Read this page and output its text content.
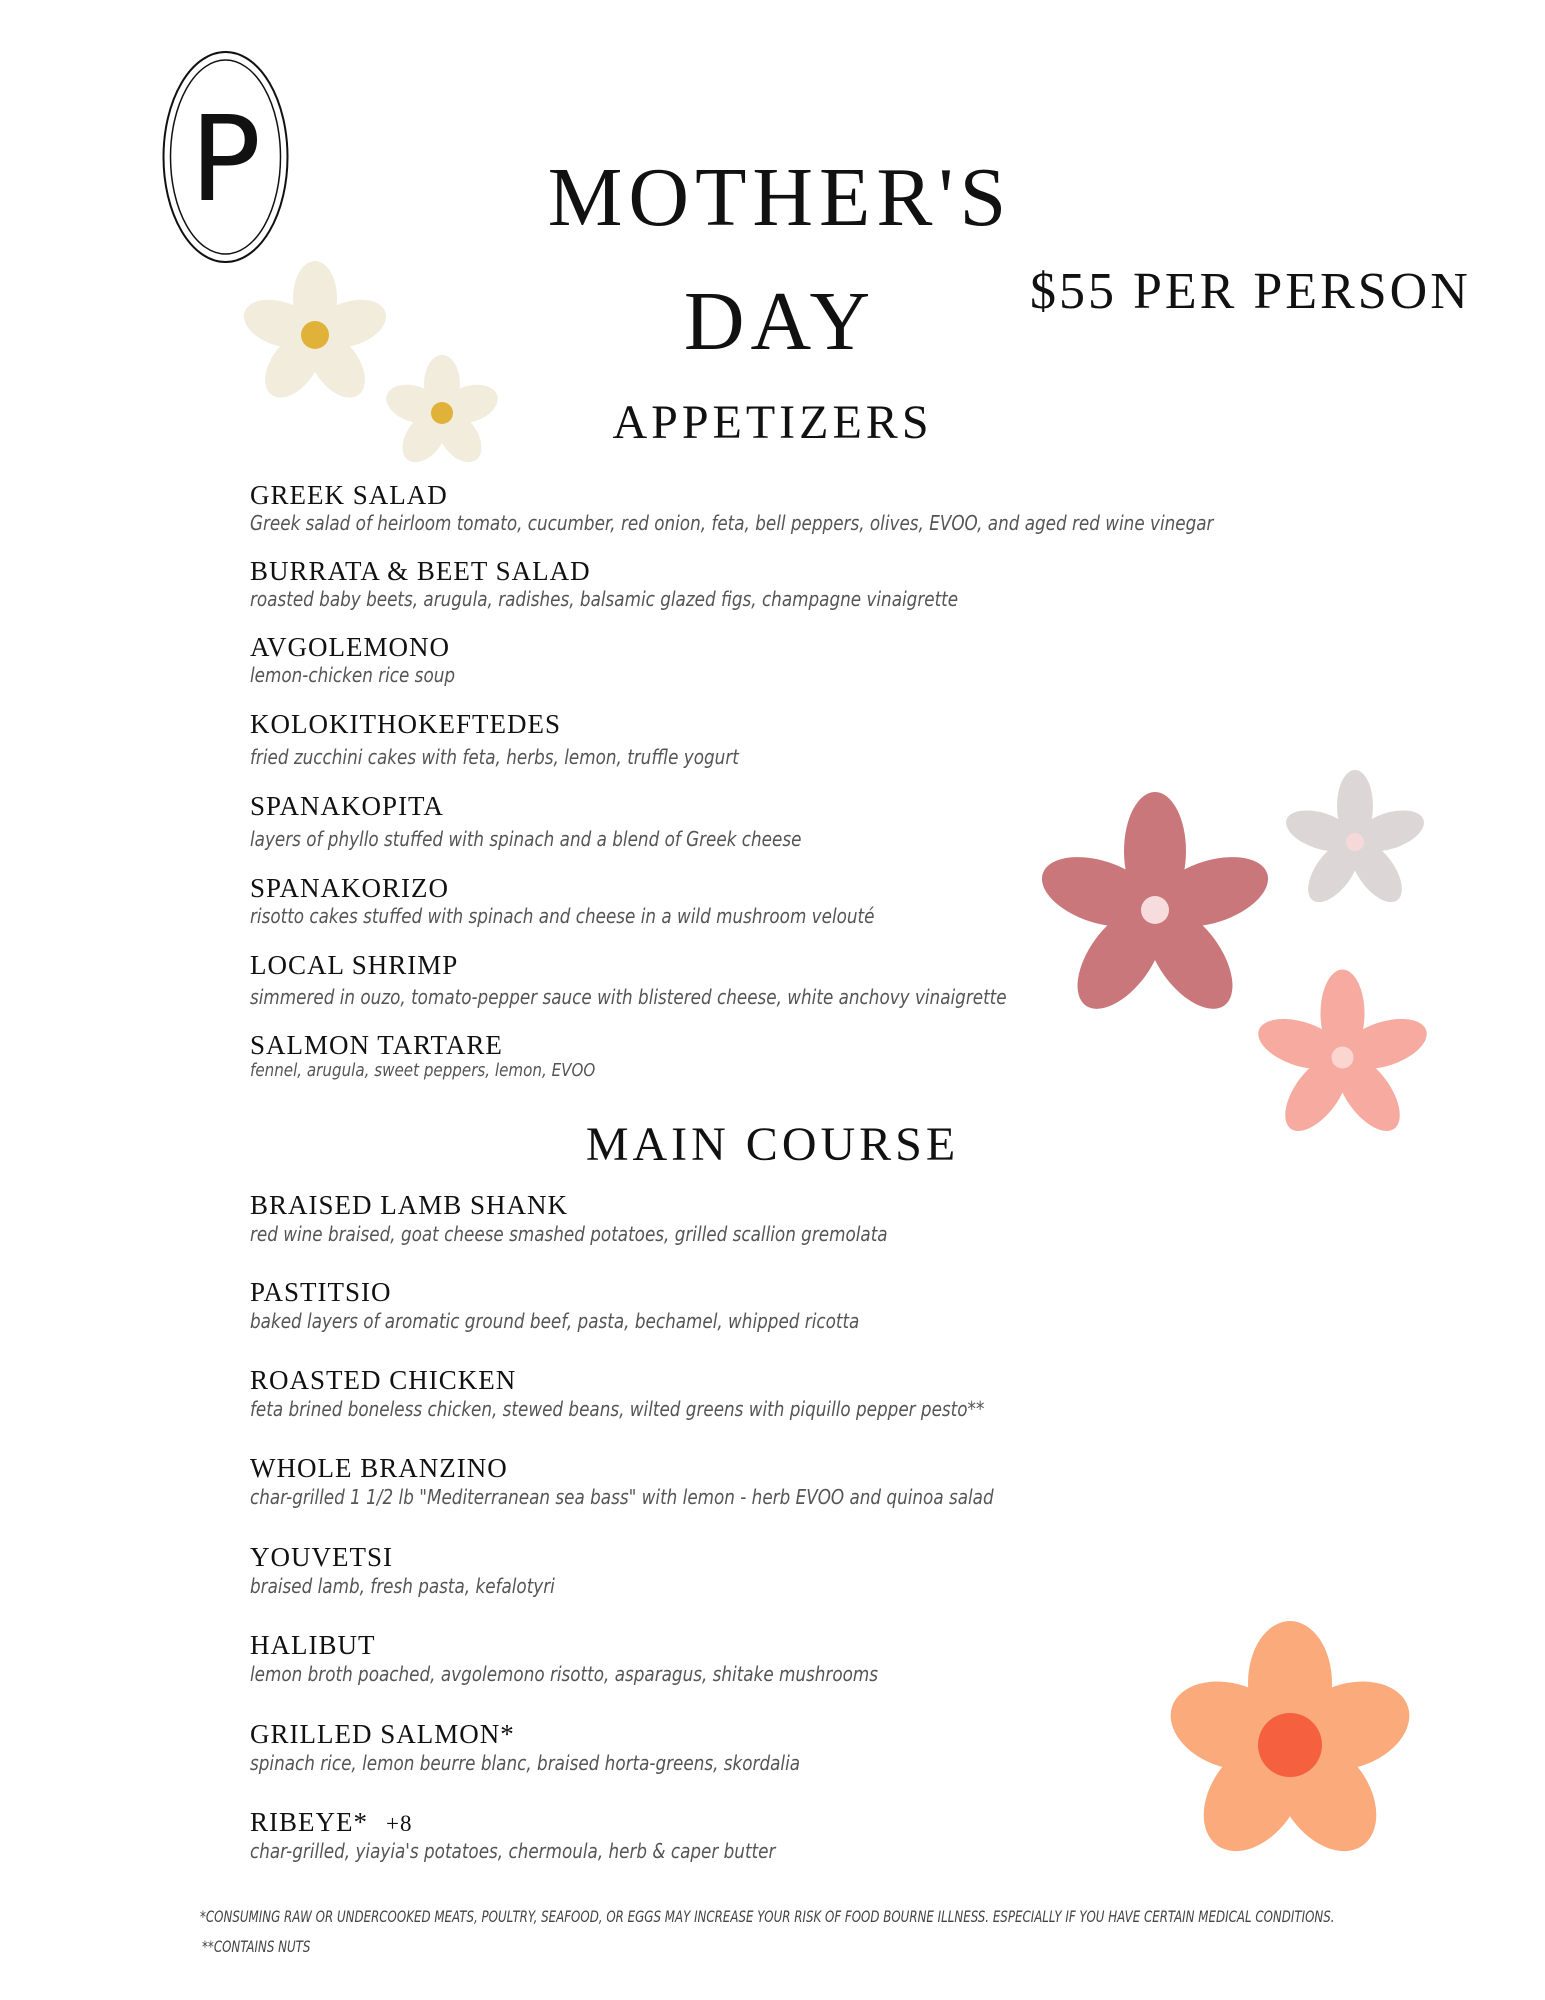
P	MOTHER'S
DAY	$55 PER PERSON
APPETIZERS
GREEK SALAD
Greek salad of heirloom tomato, cucumber, red onion, feta, bell peppers, olives, EVOO, and aged red wine vinegar
BURRATA & BEET SALAD
roasted baby beets, arugula, radishes, balsamic glazed figs, champagne vinaigrette
AVGOLEMONO
lemon-chicken rice soup
KOLOKITHOKEFTEDES
fried zucchini cakes with feta, herbs, lemon, truffle yogurt
SPANAKOPITA
layers of phyllo stuffed with spinach and a blend of Greek cheese
SPANAKORIZO
risotto cakes stuffed with spinach and cheese in a wild mushroom velouté
LOCAL SHRIMP
simmered in ouzo, tomato-pepper sauce with blistered cheese, white anchovy vinaigrette
SALMON TARTARE
fennel, arugula, sweet peppers, lemon, EVOO
MAIN COURSE
BRAISED LAMB SHANK
red wine braised, goat cheese smashed potatoes, grilled scallion gremolata
PASTITSIO
baked layers of aromatic ground beef, pasta, bechamel, whipped ricotta
ROASTED CHICKEN
feta brined boneless chicken, stewed beans, wilted greens with piquillo pepper pesto**
WHOLE BRANZINO
char-grilled 1 1/2 lb "Mediterranean sea bass" with lemon - herb EVOO and quinoa salad
YOUVETSI
braised lamb, fresh pasta, kefalotyri
HALIBUT
lemon broth poached, avgolemono risotto, asparagus, shitake mushrooms
GRILLED SALMON*
spinach rice, lemon beurre blanc, braised horta-greens, skordalia
RIBEYE* +8
char-grilled, yiayia's potatoes, chermoula, herb & caper butter
*CONSUMING RAW OR UNDERCOOKED MEATS, POULTRY, SEAFOOD, OR EGGS MAY INCREASE YOUR RISK OF FOOD BOURNE ILLNESS. ESPECIALLY IF YOU HAVE CERTAIN MEDICAL CONDITIONS.
**CONTAINS NUTS
